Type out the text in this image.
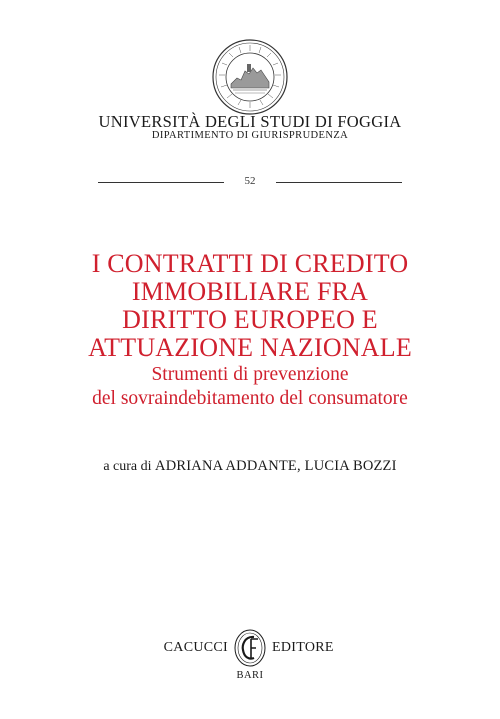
UNIVERSITÀ DEGLI STUDI DI FOGGIA
DIPARTIMENTO DI GIURISPRUDENZA
52
I CONTRATTI DI CREDITO
IMMOBILIARE FRA
DIRITTO EUROPEO E
ATTUAZIONE NAZIONALE
Strumenti di prevenzione
del sovraindebitamento del consumatore
a cura di ADRIANA ADDANTE, LUCIA BOZZI
CACUCCI	EDITORE
BARI
